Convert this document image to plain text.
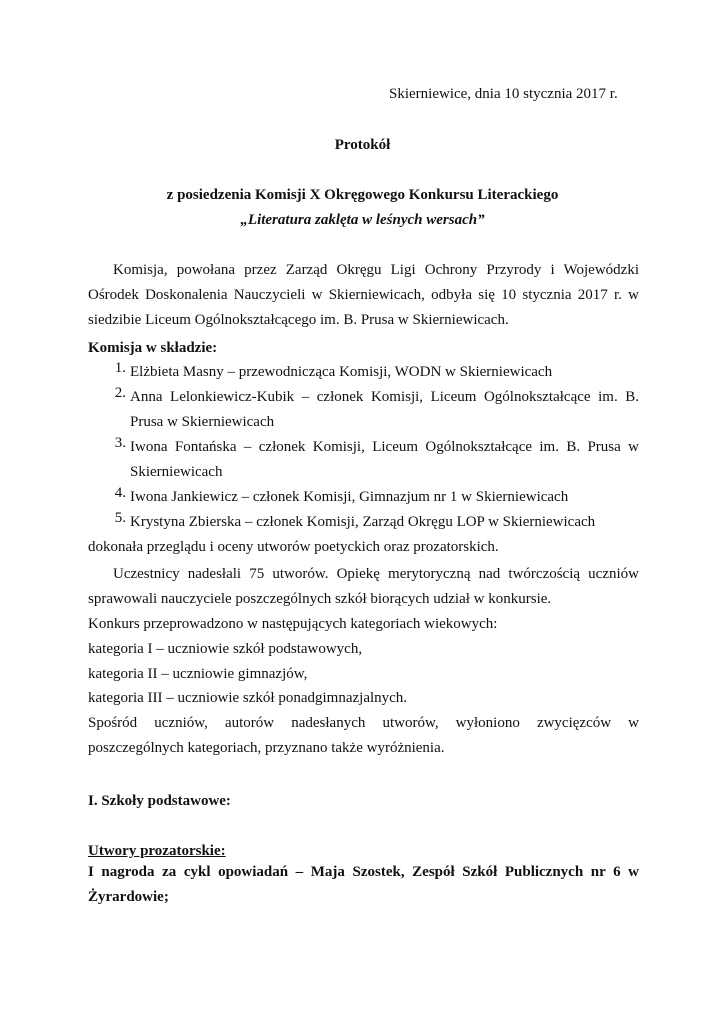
Skierniewice, dnia 10 stycznia 2017 r.
Protokół
z posiedzenia Komisji X Okręgowego Konkursu Literackiego
„Literatura zaklęta w leśnych wersach”
Komisja, powołana przez Zarząd Okręgu Ligi Ochrony Przyrody i Wojewódzki Ośrodek Doskonalenia Nauczycieli w Skierniewicach, odbyła się 10 stycznia 2017 r. w siedzibie Liceum Ogólnokształcącego im. B. Prusa w Skierniewicach.
Komisja w składzie:
1. Elżbieta Masny – przewodnicząca Komisji, WODN w Skierniewicach
2. Anna Lelonkiewicz-Kubik – członek Komisji, Liceum Ogólnokształcące im. B. Prusa w Skierniewicach
3. Iwona Fontańska – członek Komisji, Liceum Ogólnokształcące im. B. Prusa w Skierniewicach
4. Iwona Jankiewicz – członek Komisji, Gimnazjum nr 1 w Skierniewicach
5. Krystyna Zbierska – członek Komisji, Zarząd Okręgu LOP w Skierniewicach
dokonała przeglądu i oceny utworów poetyckich oraz prozatorskich.
Uczestnicy nadesłali 75 utworów. Opiekę merytoryczną nad twórczością uczniów sprawowali nauczyciele poszczególnych szkół biorących udział w konkursie.
Konkurs przeprowadzono w następujących kategoriach wiekowych:
kategoria I – uczniowie szkół podstawowych,
kategoria II – uczniowie gimnazjów,
kategoria III – uczniowie szkół ponadgimnazjalnych.
Spośród uczniów, autorów nadesłanych utworów, wyłoniono zwycięzców w poszczególnych kategoriach, przyznano także wyróżnienia.
I. Szkoły podstawowe:
Utwory prozatorskie:
I nagroda za cykl opowiadań – Maja Szostek, Zespół Szkół Publicznych nr 6 w Żyrardowie;
